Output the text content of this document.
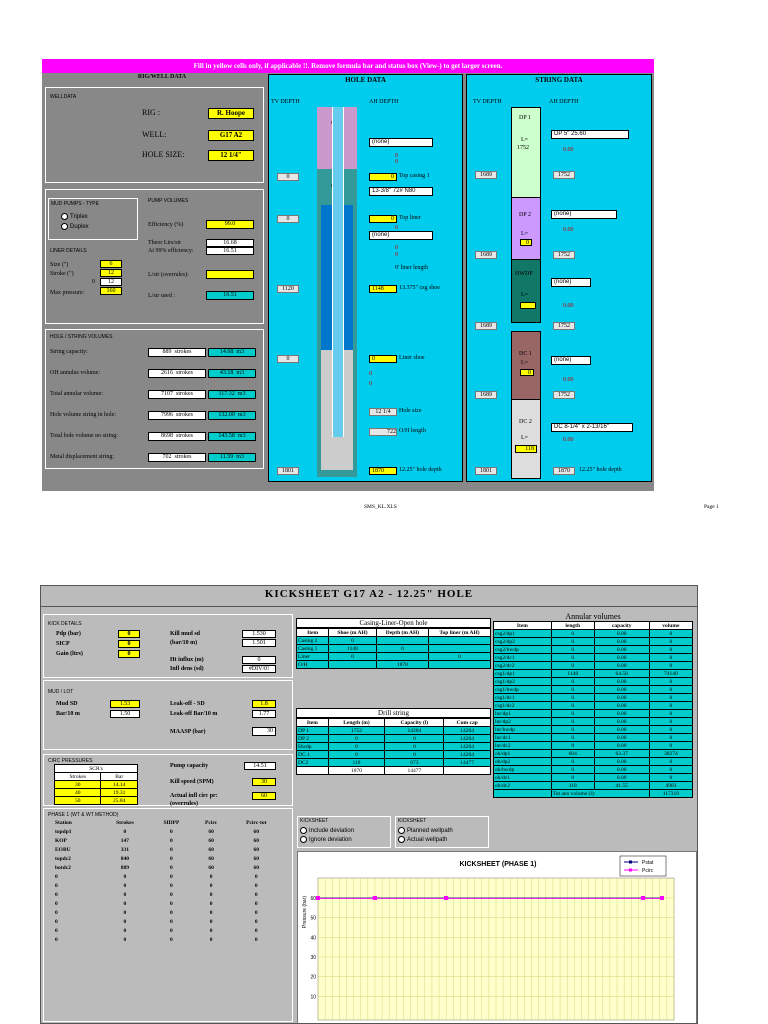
Fill in yellow cells only, if applicable !!. Remove formula bar and status box (View-) to get larger screen.
RIG/WELL DATA
WELLDATA
RIG :	R. Hoope
WELL:	G17 A2
HOLE SIZE:	12 1/4"
MUD PUMPS - TYPE
Triplex
Duplex
LINER DETAILS
Size (")	6
Stroke (")	12
0	12
Max pressure:	160
PUMP VOLUMES
Efficiency (%)	99.0
Theor Ltrs/str	16.68
At 99% efficiency:	16.51
L/str (overrules):
L/str used :	16.51
HOLE / STRING VOLUMES
String capacity:	889 strokes	14.68 m3
OH annulus volume:	2616 strokes	43.18 m3
Total annular volume:	7107 strokes	117.32 m3
Hole volume string in hole:	7996 strokes	132.00 m3
Total hole volume no string:	8698 strokes	143.58 m3
Metal displacement string:	702 strokes	11.59 m3
HOLE DATA
TV DEPTH	AH DEPTH
(none)
0
0
0	0 Top casing 1
13-3/8" 72# N80
0	0 Top liner
0
(none)
0
0
0' liner length
1120	1148	13.375" csg shoe
0	0	Liner shoe
0
0
12 1/4	Hole size
722 O/H length
1801	1870	12.25" hole depth
STRING DATA
TV DEPTH	AH DEPTH
DP 1
L=
1752
DP 5" 25.60
0.00
1689	1752
DP 2	(none)
0.00
L=
0
1689	1752
HWDP
(none)
L=
0.00
1689	1752
DC 1
(none)
L=
0
0.00
1689	1752
DC 2
DC 8-1/4" x 2-13/16"
0.00
L=
118
1801	1870	12.25" hole depth
SMS_KL.XLS	Page 1
KICKSHEET G17 A2 - 12.25" HOLE
KICK DETAILS
Pdp (bar)	0
SICP	0
Gain (ltrs)	0
Kill mud sd	1.530
(bar/10 m)	1.501
Ht influx (m)	0
Infl dens (sd)	#DIV/0!
MUD / LOT
Mud SD	1.53
Bar/10 m	1.50
Leak-off - SD	1.8
Leak-off Bar/10 m	1.77
MAASP (bar)	30
CIRC PRESSURES
SCR's	
Strokes	Bar
30	14.14
40	19.31
50	25.84
Pump capacity	14.51
Kill speed (SPM)	30
Actual infl circ pr:
(overrules)
60
Casing-Liner-Open hole
Item	Shoe (m AH)	Depth (m AH)	Top liner (m AH)
Casing 2	0		
Casing 1	1148	0	
Liner	0		0
O/H		1870	
Drill string
Item	Length (m)	Capacity (l)	Cum cap
DP 1	1752	14204	14204
DP 2	0	0	14204
Hwdp	0	0	14204
DC 1	0	0	14204
DC2	118	673	14477
	1870	14477	
KICKSHEET
Include deviation
Ignore deviation
KICKSHEET
Planned wellpath
Actual wellpath
Annular volumes
Item	length	capacity	volume
csg2/dp1	0	0.00	0
csg2/dp2	0	0.00	0
csg2/hwdp	0	0.00	0
csg2/dc1	0	0.00	0
csg2/dc2	0	0.00	0
csg1/dp1	1148	64.58	74140
csg1/dp2	0	0.00	0
csg1/hwdp	0	0.00	0
csg1/dc1	0	0.00	0
csg1/dc2	0	0.00	0
lnr/dp1	0	0.00	0
lnr/dp2	0	0.00	0
lnr/hwdp	0	0.00	0
lnr/dc1	0	0.00	0
lnr/dc2	0	0.00	0
oh/dp1	604	63.37	38274
oh/dp2	0	0.00	0
oh/hwdp	0	0.00	0
oh/dc1	0	0.00	0
oh/dc2	118	41.55	4903
	Tot ann volume (l):		117319
PHASE 1 (WT & WT METHOD)
Station	Strokes	SIDPP	Pcirc	Pcirc-tot
topdp1	0	0	60	60
KOP	147	0	60	60
EOBU	331	0	60	60
topdc2	840	0	60	60
botdc2	889	0	60	60
0	0	0	0	0
0	0	0	0	0
0	0	0	0	0
0	0	0	0	0
0	0	0	0	0
0	0	0	0	0
0	0	0	0	0
0	0	0	0	0
KICKSHEET (PHASE 1)
Pressure (bar) 60
50
40
30
20
10
Pstat
Pcirc
